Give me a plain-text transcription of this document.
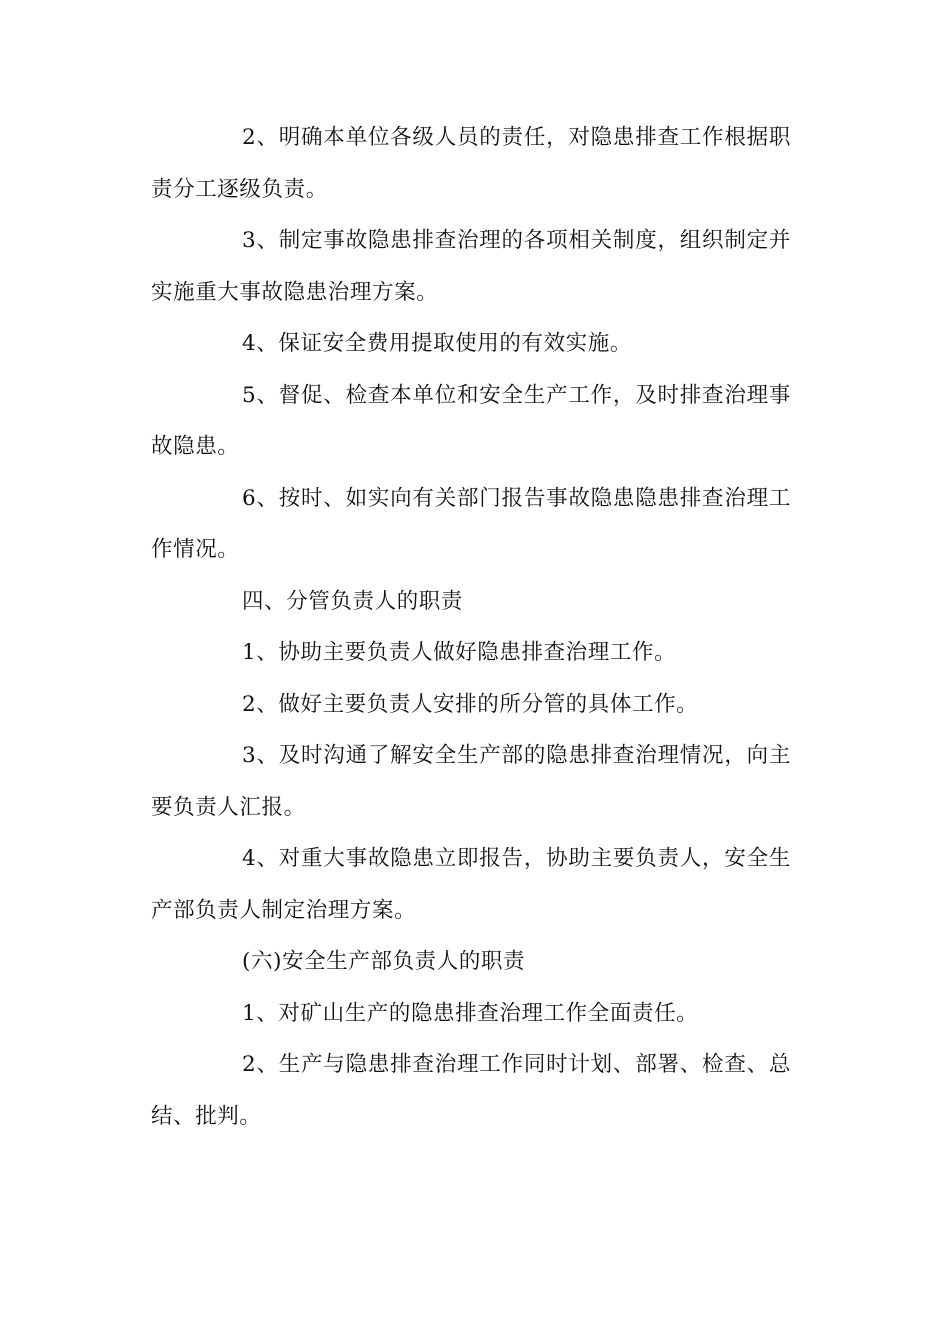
2、明确本单位各级人员的责任，对隐患排查工作根据职责分工逐级负责。

3、制定事故隐患排查治理的各项相关制度，组织制定并实施重大事故隐患治理方案。

4、保证安全费用提取使用的有效实施。

5、督促、检查本单位和安全生产工作，及时排查治理事故隐患。

6、按时、如实向有关部门报告事故隐患隐患排查治理工作情况。

四、分管负责人的职责

1、协助主要负责人做好隐患排查治理工作。

2、做好主要负责人安排的所分管的具体工作。

3、及时沟通了解安全生产部的隐患排查治理情况，向主要负责人汇报。

4、对重大事故隐患立即报告，协助主要负责人，安全生产部负责人制定治理方案。

(六)安全生产部负责人的职责

1、对矿山生产的隐患排查治理工作全面责任。

2、生产与隐患排查治理工作同时计划、部署、检查、总结、批判。
